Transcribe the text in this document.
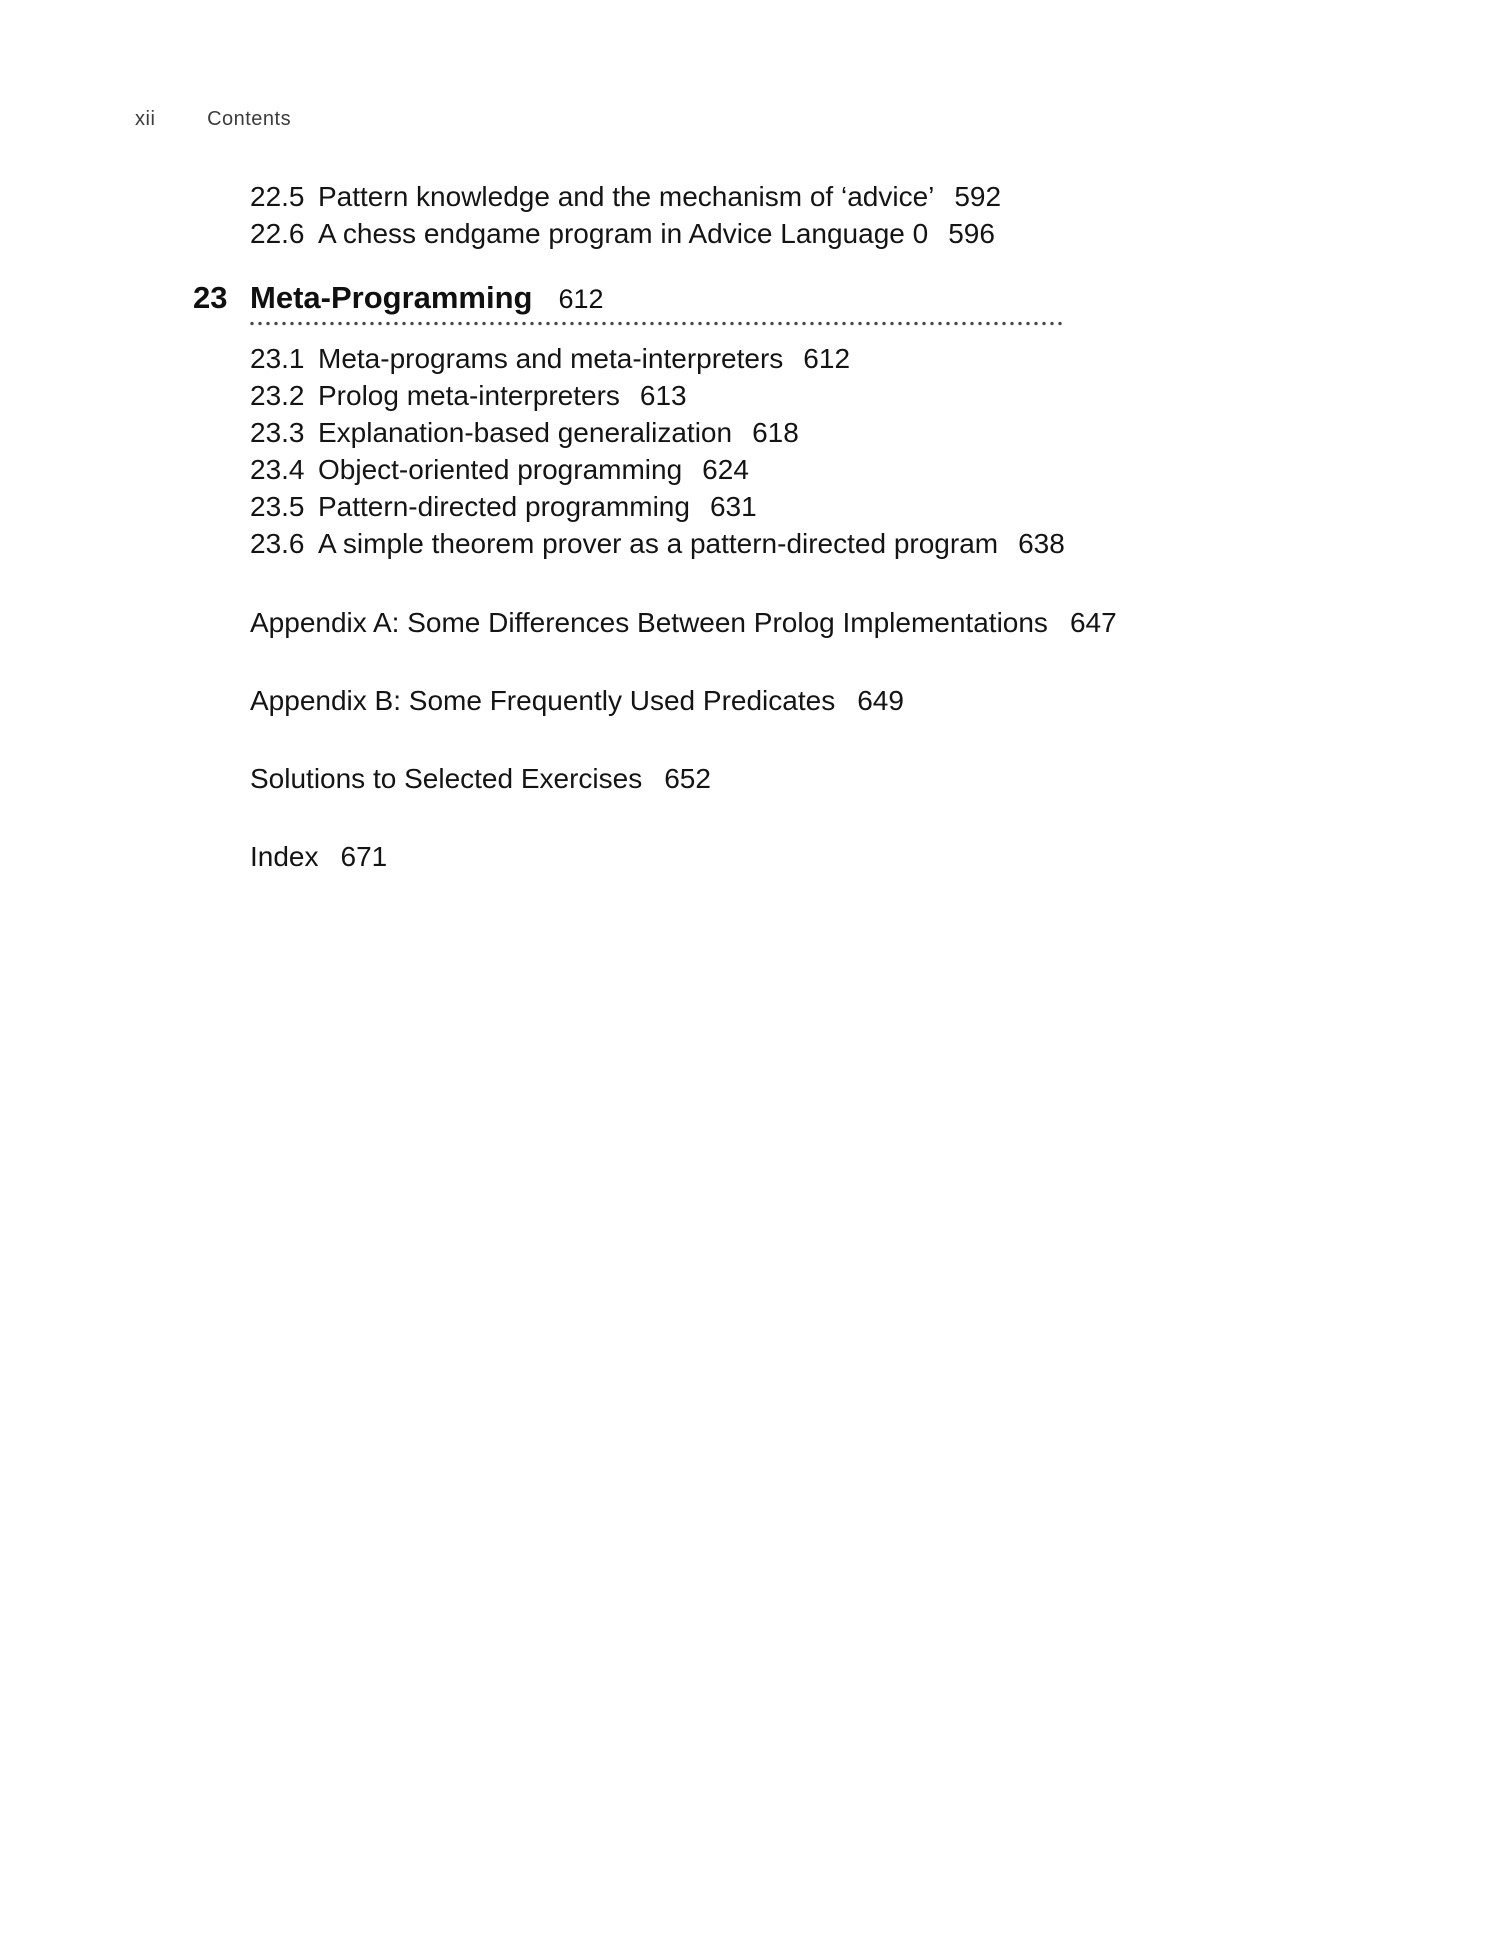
xii	Contents
22.5 Pattern knowledge and the mechanism of ‘advice’ 592
22.6 A chess endgame program in Advice Language 0 596
23 Meta-Programming 612
23.1 Meta-programs and meta-interpreters 612
23.2 Prolog meta-interpreters 613
23.3 Explanation-based generalization 618
23.4 Object-oriented programming 624
23.5 Pattern-directed programming 631
23.6 A simple theorem prover as a pattern-directed program 638
Appendix A: Some Differences Between Prolog Implementations 647
Appendix B: Some Frequently Used Predicates 649
Solutions to Selected Exercises 652
Index 671
